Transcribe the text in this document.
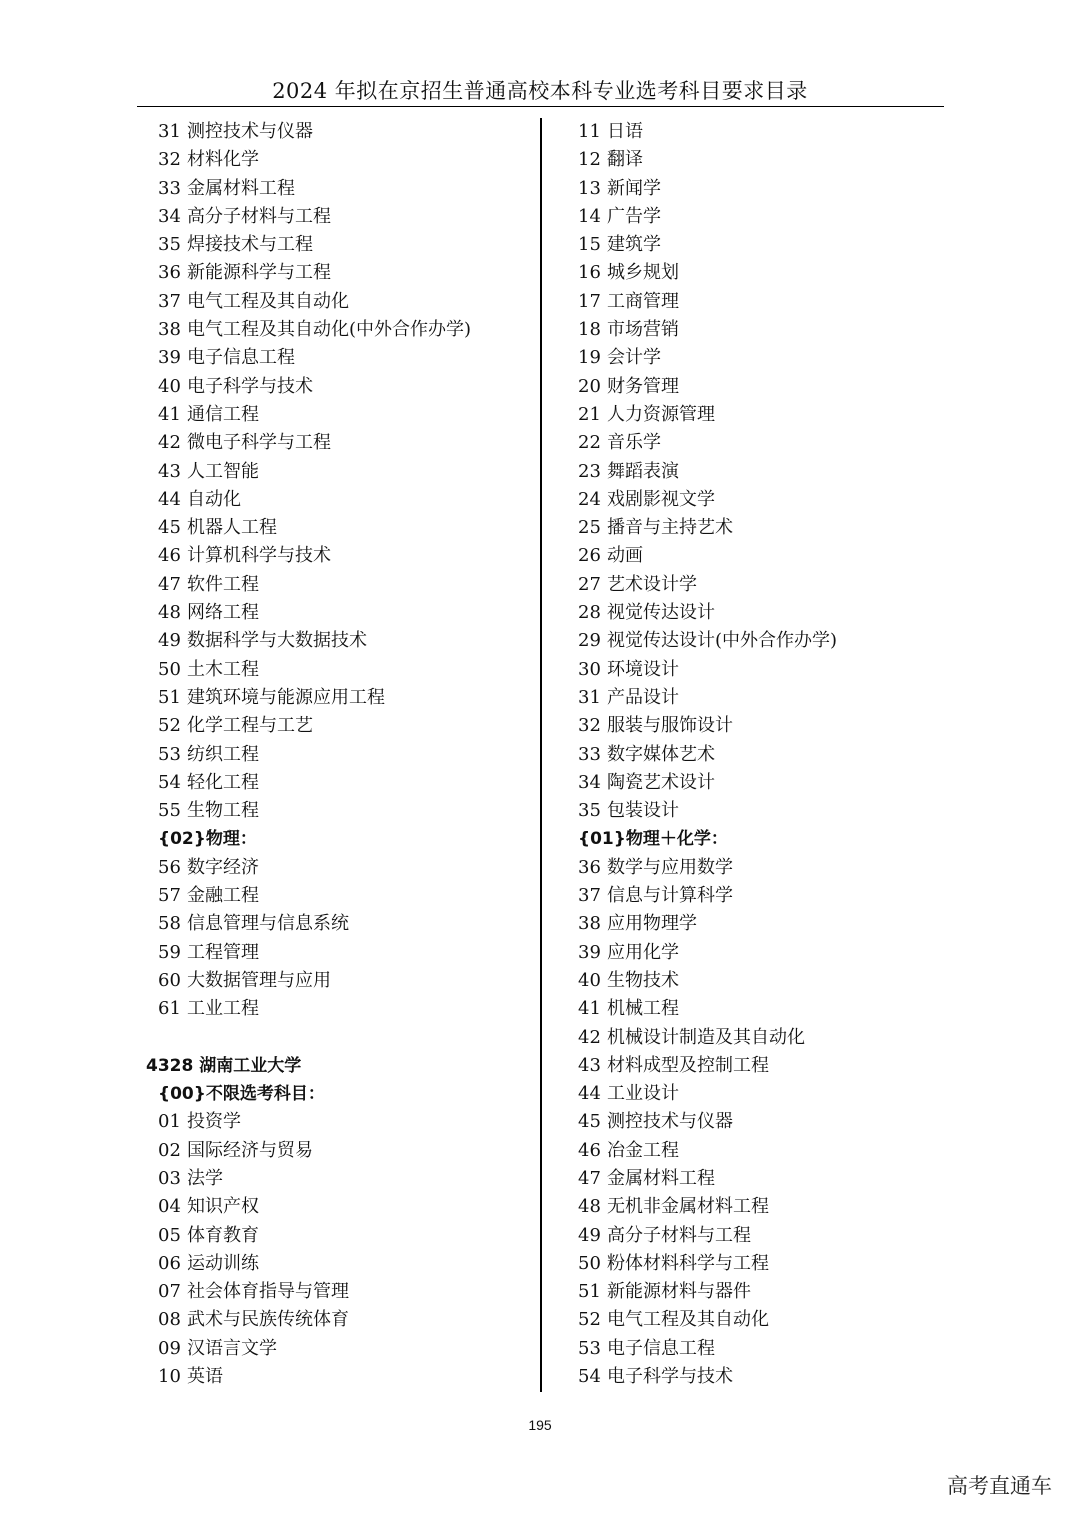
2024 年拟在京招生普通高校本科专业选考科目要求目录
31 测控技术与仪器
32 材料化学
33 金属材料工程
34 高分子材料与工程
35 焊接技术与工程
36 新能源科学与工程
37 电气工程及其自动化
38 电气工程及其自动化(中外合作办学)
39 电子信息工程
40 电子科学与技术
41 通信工程
42 微电子科学与工程
43 人工智能
44 自动化
45 机器人工程
46 计算机科学与技术
47 软件工程
48 网络工程
49 数据科学与大数据技术
50 土木工程
51 建筑环境与能源应用工程
52 化学工程与工艺
53 纺织工程
54 轻化工程
55 生物工程
{02}物理：
56 数字经济
57 金融工程
58 信息管理与信息系统
59 工程管理
60 大数据管理与应用
61 工业工程
4328 湖南工业大学
{00}不限选考科目：
01 投资学
02 国际经济与贸易
03 法学
04 知识产权
05 体育教育
06 运动训练
07 社会体育指导与管理
08 武术与民族传统体育
09 汉语言文学
10 英语
11 日语
12 翻译
13 新闻学
14 广告学
15 建筑学
16 城乡规划
17 工商管理
18 市场营销
19 会计学
20 财务管理
21 人力资源管理
22 音乐学
23 舞蹈表演
24 戏剧影视文学
25 播音与主持艺术
26 动画
27 艺术设计学
28 视觉传达设计
29 视觉传达设计(中外合作办学)
30 环境设计
31 产品设计
32 服装与服饰设计
33 数字媒体艺术
34 陶瓷艺术设计
35 包装设计
{01}物理＋化学：
36 数学与应用数学
37 信息与计算科学
38 应用物理学
39 应用化学
40 生物技术
41 机械工程
42 机械设计制造及其自动化
43 材料成型及控制工程
44 工业设计
45 测控技术与仪器
46 冶金工程
47 金属材料工程
48 无机非金属材料工程
49 高分子材料与工程
50 粉体材料科学与工程
51 新能源材料与器件
52 电气工程及其自动化
53 电子信息工程
54 电子科学与技术
195
高考直通车
